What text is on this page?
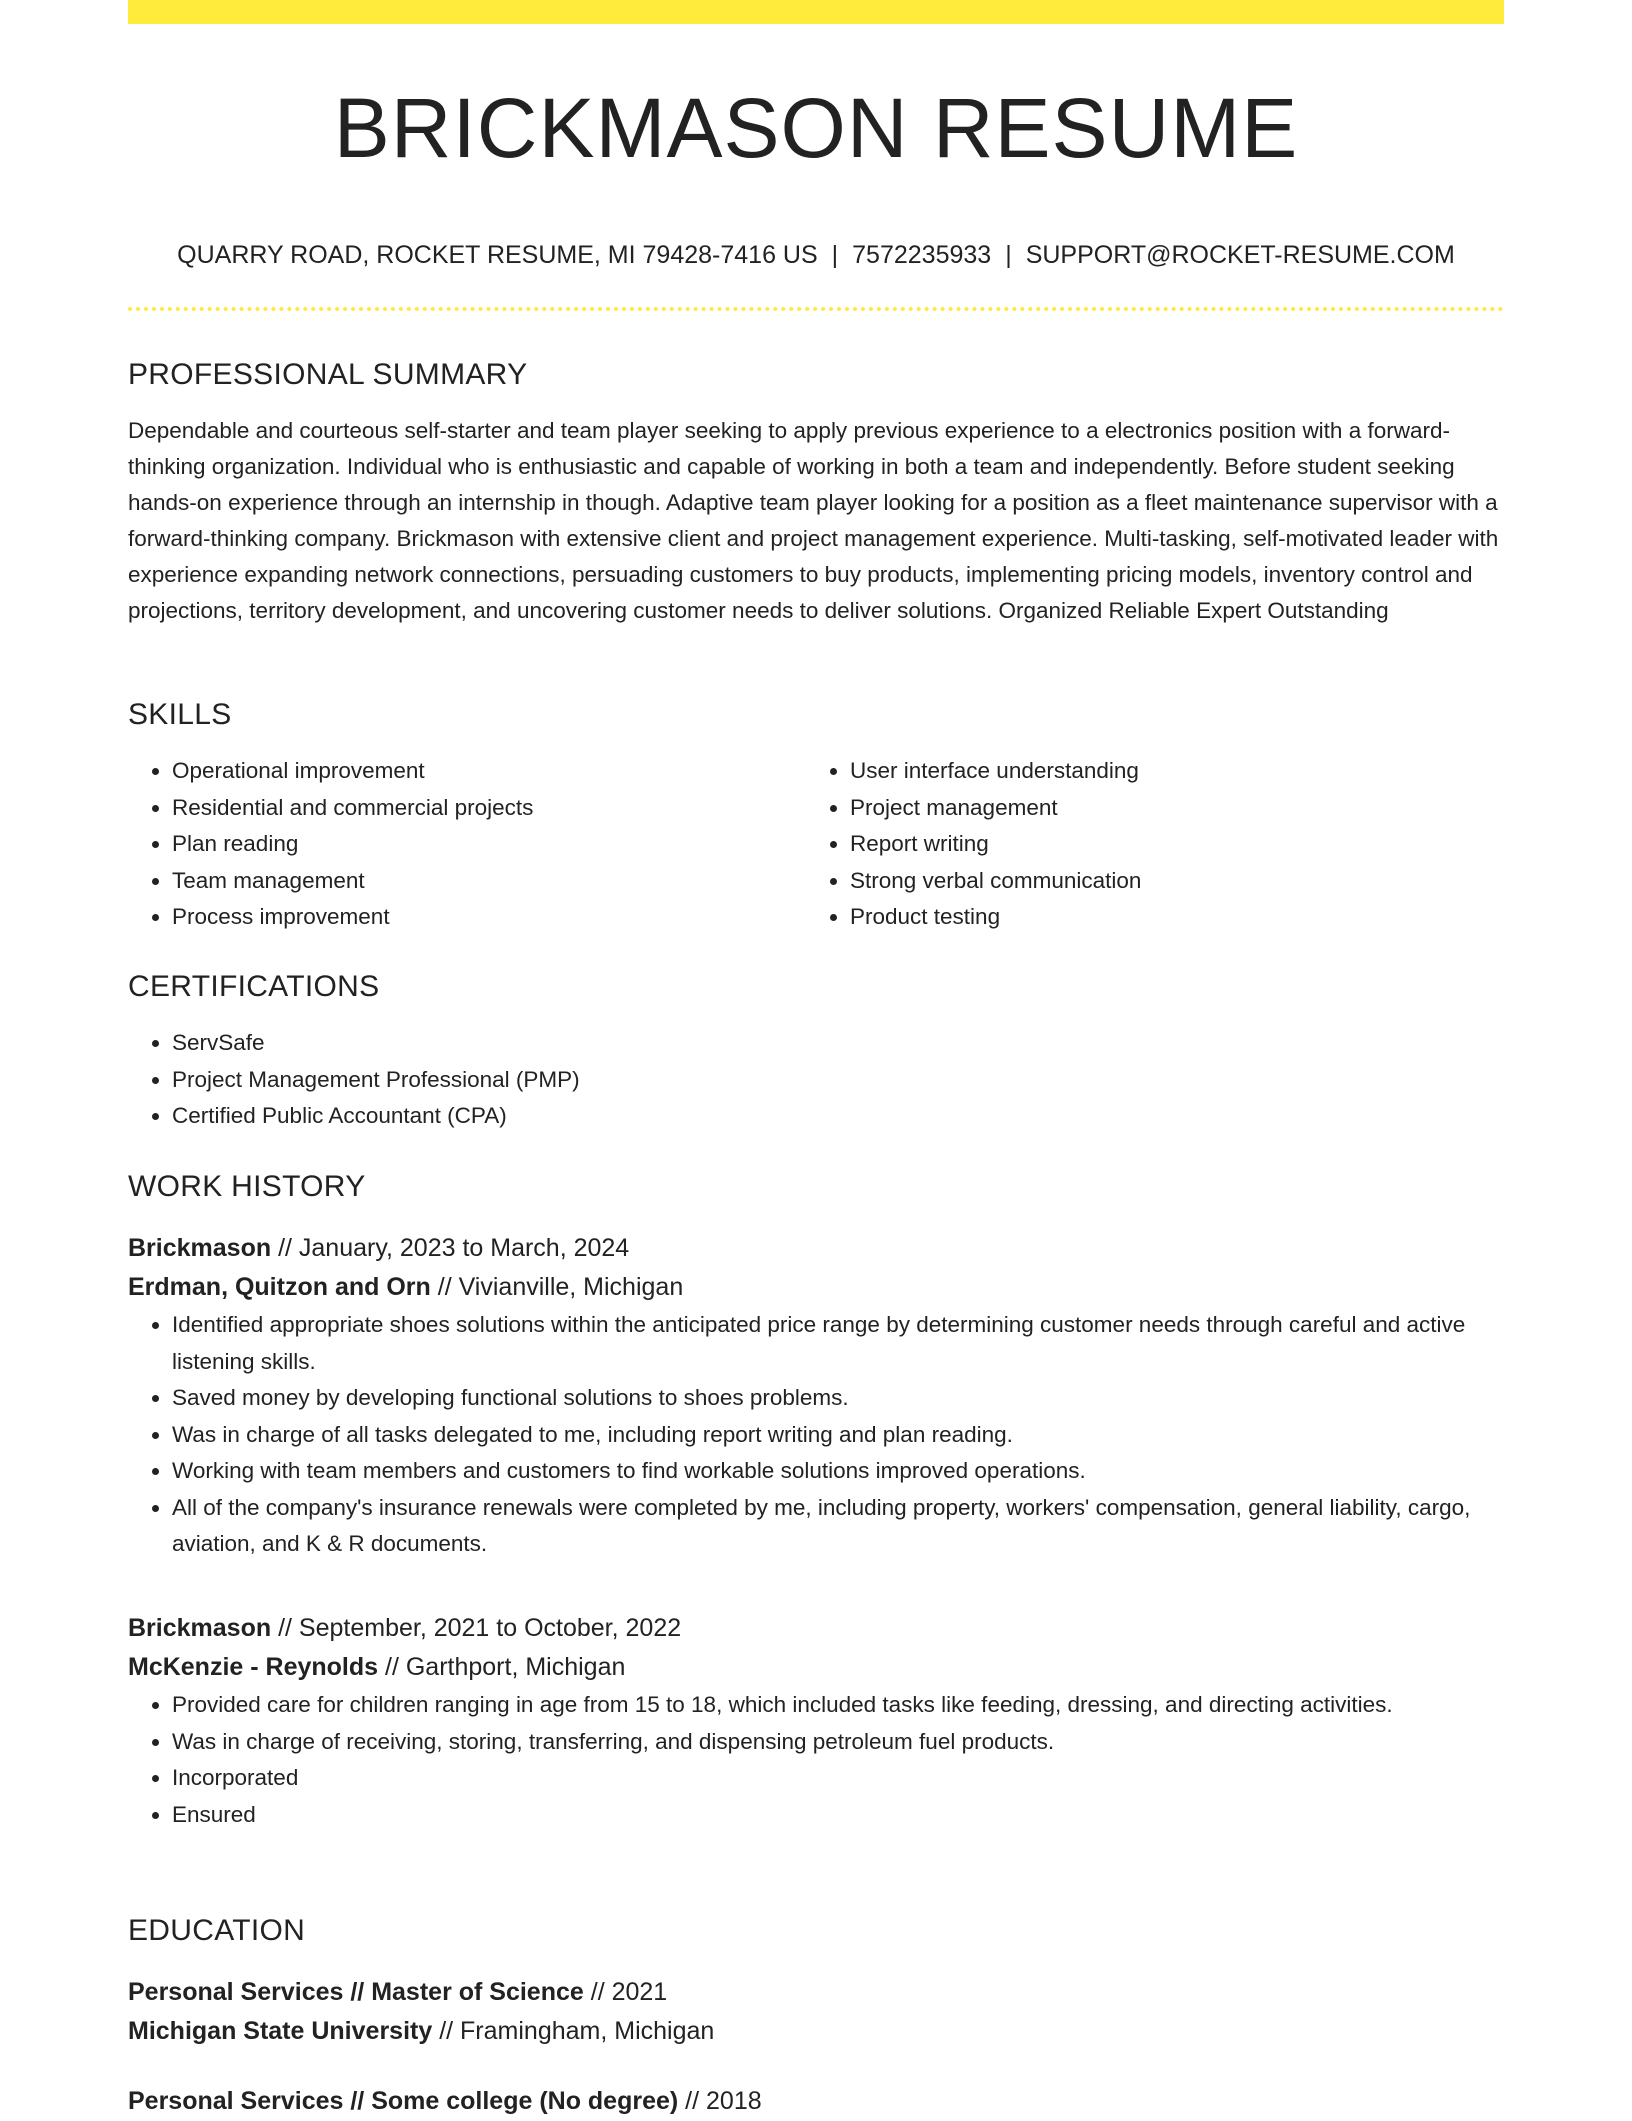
BRICKMASON RESUME
QUARRY ROAD, ROCKET RESUME, MI 79428-7416 US | 7572235933 | SUPPORT@ROCKET-RESUME.COM
PROFESSIONAL SUMMARY

Dependable and courteous self-starter and team player seeking to apply previous experience to a electronics position with a forward-thinking organization. Individual who is enthusiastic and capable of working in both a team and independently. Before student seeking hands-on experience through an internship in though. Adaptive team player looking for a position as a fleet maintenance supervisor with a forward-thinking company. Brickmason with extensive client and project management experience. Multi-tasking, self-motivated leader with experience expanding network connections, persuading customers to buy products, implementing pricing models, inventory control and projections, territory development, and uncovering customer needs to deliver solutions. Organized Reliable Expert Outstanding

SKILLS
• Operational improvement
• Residential and commercial projects
• Plan reading
• Team management
• Process improvement
• User interface understanding
• Project management
• Report writing
• Strong verbal communication
• Product testing
CERTIFICATIONS
• ServSafe
• Project Management Professional (PMP)
• Certified Public Accountant (CPA)
WORK HISTORY

Brickmason // January, 2023 to March, 2024

Erdman, Quitzon and Orn // Vivianville, Michigan

• Identified appropriate shoes solutions within the anticipated price range by determining customer needs through careful and active listening skills.
• Saved money by developing functional solutions to shoes problems.
• Was in charge of all tasks delegated to me, including report writing and plan reading.
• Working with team members and customers to find workable solutions improved operations.
• All of the company's insurance renewals were completed by me, including property, workers' compensation, general liability, cargo, aviation, and K & R documents.

Brickmason // September, 2021 to October, 2022

McKenzie - Reynolds // Garthport, Michigan

• Provided care for children ranging in age from 15 to 18, which included tasks like feeding, dressing, and directing activities.
• Was in charge of receiving, storing, transferring, and dispensing petroleum fuel products.
• Incorporated
• Ensured
EDUCATION

Personal Services // Master of Science // 2021

Michigan State University // Framingham, Michigan

Personal Services // Some college (No degree) // 2018
